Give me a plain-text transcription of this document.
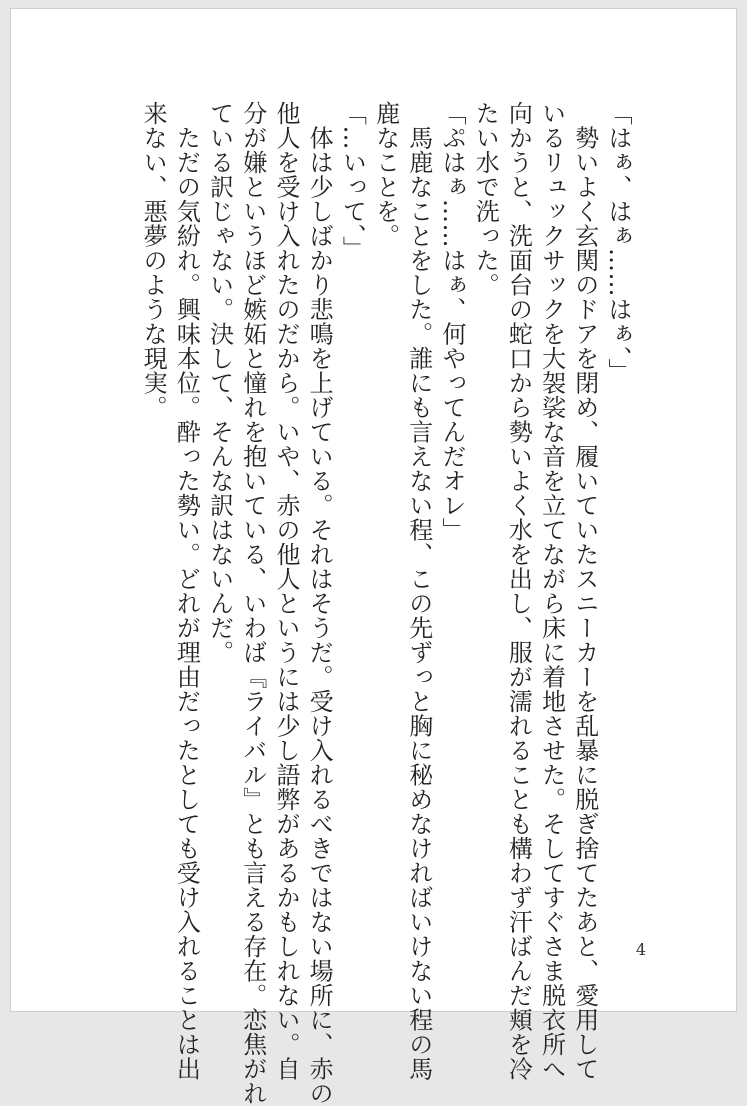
「はぁ、はぁ……はぁ、」
　勢いよく玄関のドアを閉め、履いていたスニーカーを乱暴に脱ぎ捨てたあと、愛用して
いるリュックサックを大袈裟な音を立てながら床に着地させた。そしてすぐさま脱衣所へ
向かうと、洗面台の蛇口から勢いよく水を出し、服が濡れることも構わず汗ばんだ頬を冷
たい水で洗った。
「ぷはぁ……はぁ、何やってんだオレ」
　馬鹿なことをした。誰にも言えない程、この先ずっと胸に秘めなければいけない程の馬
鹿なことを。
「…いって、」
　体は少しばかり悲鳴を上げている。それはそうだ。受け入れるべきではない場所に、赤の
他人を受け入れたのだから。いや、赤の他人というには少し語弊があるかもしれない。自
分が嫌というほど嫉妬と憧れを抱いている、いわば『ライバル』とも言える存在。恋焦がれ
ている訳じゃない。決して、そんな訳はないんだ。
　ただの気紛れ。興味本位。酔った勢い。どれが理由だったとしても受け入れることは出
来ない、悪夢のような現実。
4
